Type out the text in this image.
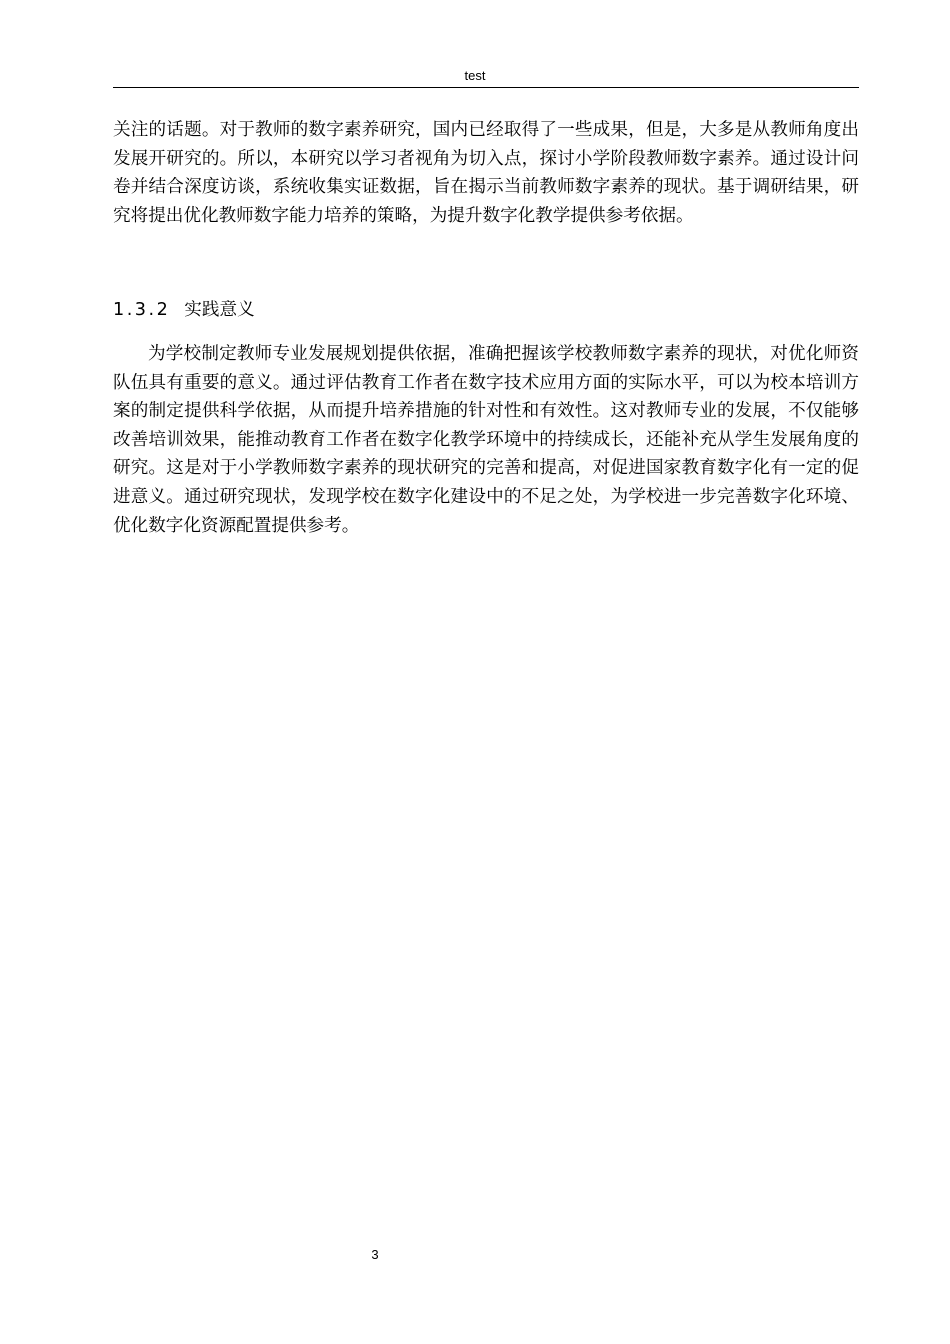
test

关注的话题。对于教师的数字素养研究，国内已经取得了一些成果，但是，大多是从教师角度出发展开研究的。所以，本研究以学习者视角为切入点，探讨小学阶段教师数字素养。通过设计问卷并结合深度访谈，系统收集实证数据，旨在揭示当前教师数字素养的现状。基于调研结果，研究将提出优化教师数字能力培养的策略，为提升数字化教学提供参考依据。

1.3.2 实践意义

为学校制定教师专业发展规划提供依据，准确把握该学校教师数字素养的现状，对优化师资队伍具有重要的意义。通过评估教育工作者在数字技术应用方面的实际水平，可以为校本培训方案的制定提供科学依据，从而提升培养措施的针对性和有效性。这对教师专业的发展，不仅能够改善培训效果，能推动教育工作者在数字化教学环境中的持续成长，还能补充从学生发展角度的研究。这是对于小学教师数字素养的现状研究的完善和提高，对促进国家教育数字化有一定的促进意义。通过研究现状，发现学校在数字化建设中的不足之处，为学校进一步完善数字化环境、优化数字化资源配置提供参考。

3
